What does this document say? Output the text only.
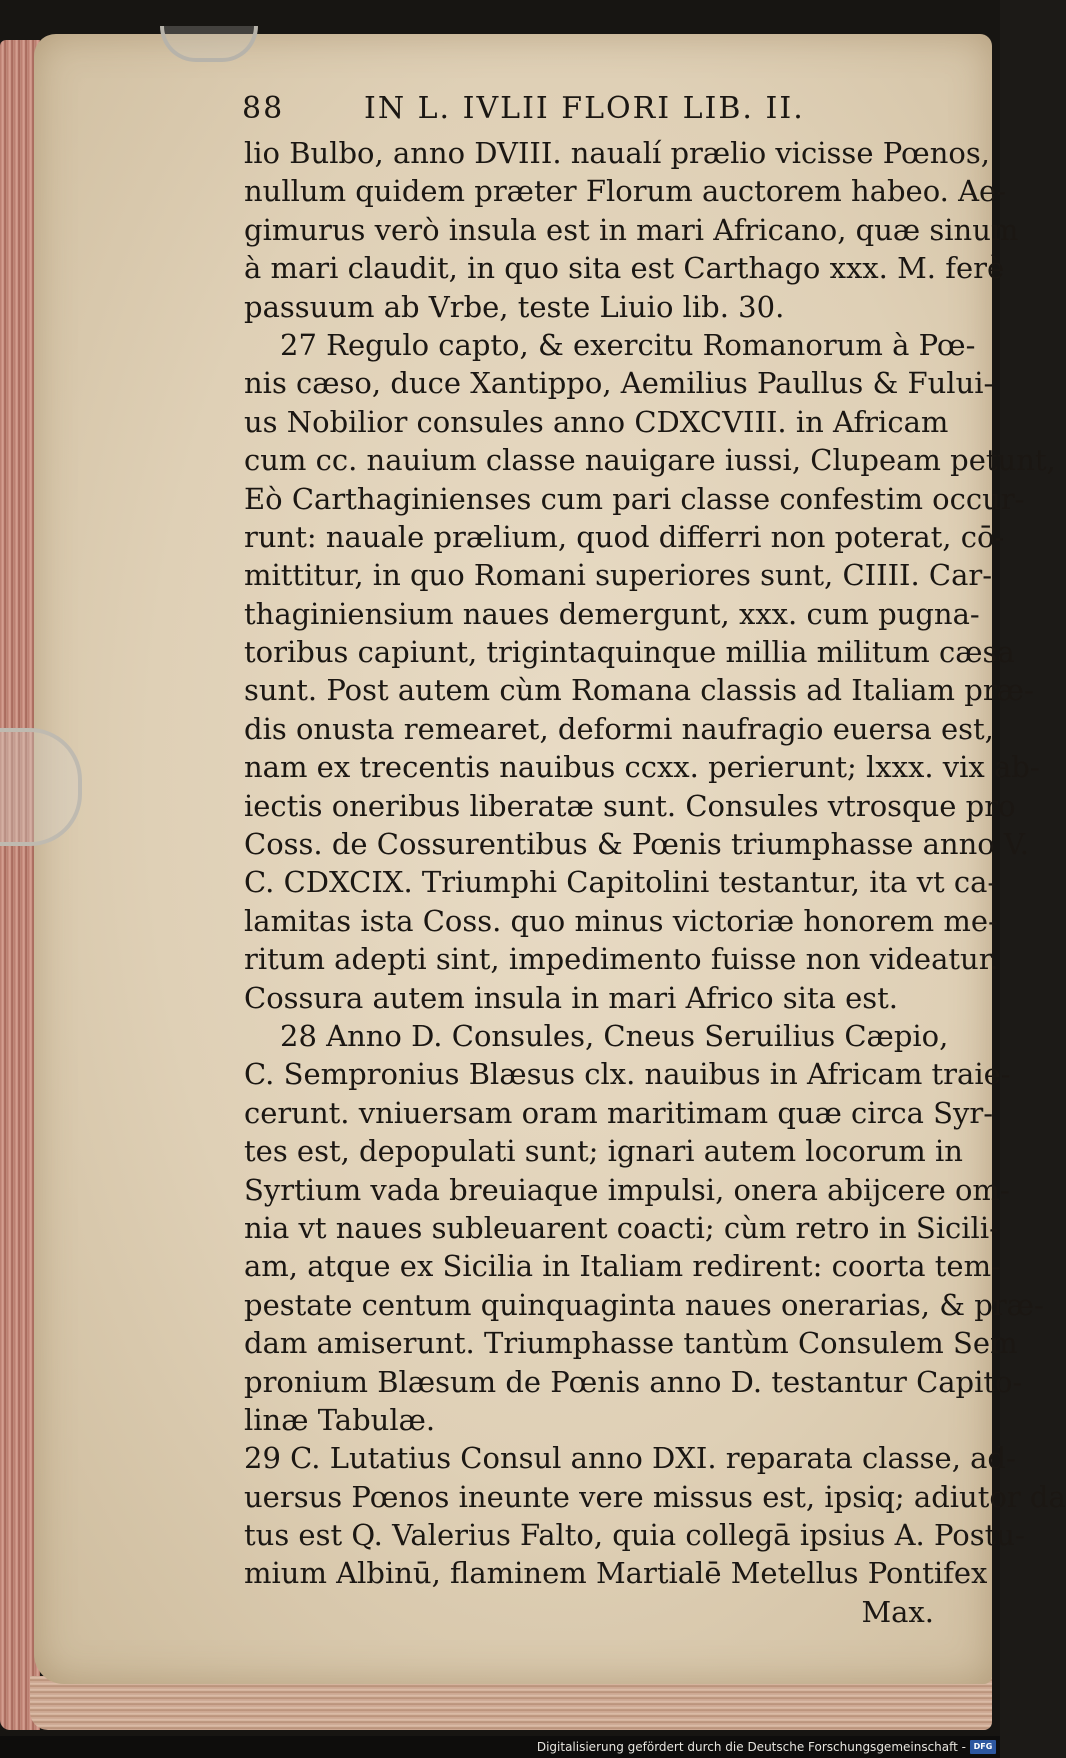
88	IN L. IVLII FLORI LIB. II.
lio Bulbo, anno DVIII. naualí prælio vicisse Pœnos,
nullum quidem præter Florum auctorem habeo. Ae-
gimurus verò insula est in mari Africano, quæ sinum
à mari claudit, in quo sita est Carthago xxx. M. ferè
passuum ab Vrbe, teste Liuio lib. 30.
27 Regulo capto, & exercitu Romanorum à Pœ-
nis cæso, duce Xantippo, Aemilius Paullus & Fului-
us Nobilior consules anno CDXCVIII. in Africam
cum cc. nauium classe nauigare iussi, Clupeam petunt,
Eò Carthaginienses cum pari classe confestim occur-
runt: nauale prælium, quod differri non poterat, cō-
mittitur, in quo Romani superiores sunt, CIIII. Car-
thaginiensium naues demergunt, xxx. cum pugna-
toribus capiunt, trigintaquinque millia militum cæsa
sunt. Post autem cùm Romana classis ad Italiam præ-
dis onusta remearet, deformi naufragio euersa est,
nam ex trecentis nauibus ccxx. perierunt; lxxx. vix ab-
iectis oneribus liberatæ sunt. Consules vtrosque pro
Coss. de Cossurentibus & Pœnis triumphasse anno V.
C. CDXCIX. Triumphi Capitolini testantur, ita vt ca-
lamitas ista Coss. quo minus victoriæ honorem me-
ritum adepti sint, impedimento fuisse non videatur.
Cossura autem insula in mari Africo sita est.
28 Anno D. Consules, Cneus Seruilius Cæpio,
C. Sempronius Blæsus clx. nauibus in Africam traie-
cerunt. vniuersam oram maritimam quæ circa Syr-
tes est, depopulati sunt; ignari autem locorum in
Syrtium vada breuiaque impulsi, onera abijcere om-
nia vt naues subleuarent coacti; cùm retro in Sicili-
am, atque ex Sicilia in Italiam redirent: coorta tem-
pestate centum quinquaginta naues onerarias, & præ-
dam amiserunt. Triumphasse tantùm Consulem Sem
pronium Blæsum de Pœnis anno D. testantur Capito-
linæ Tabulæ.
29 C. Lutatius Consul anno DXI. reparata classe, ad-
uersus Pœnos ineunte vere missus est, ipsiq; adiutor da
tus est Q. Valerius Falto, quia collegā ipsius A. Postu-
mium Albinū, flaminem Martialē Metellus Pontifex
Max.
Digitalisierung gefördert durch die Deutsche Forschungsgemeinschaft - DFG
